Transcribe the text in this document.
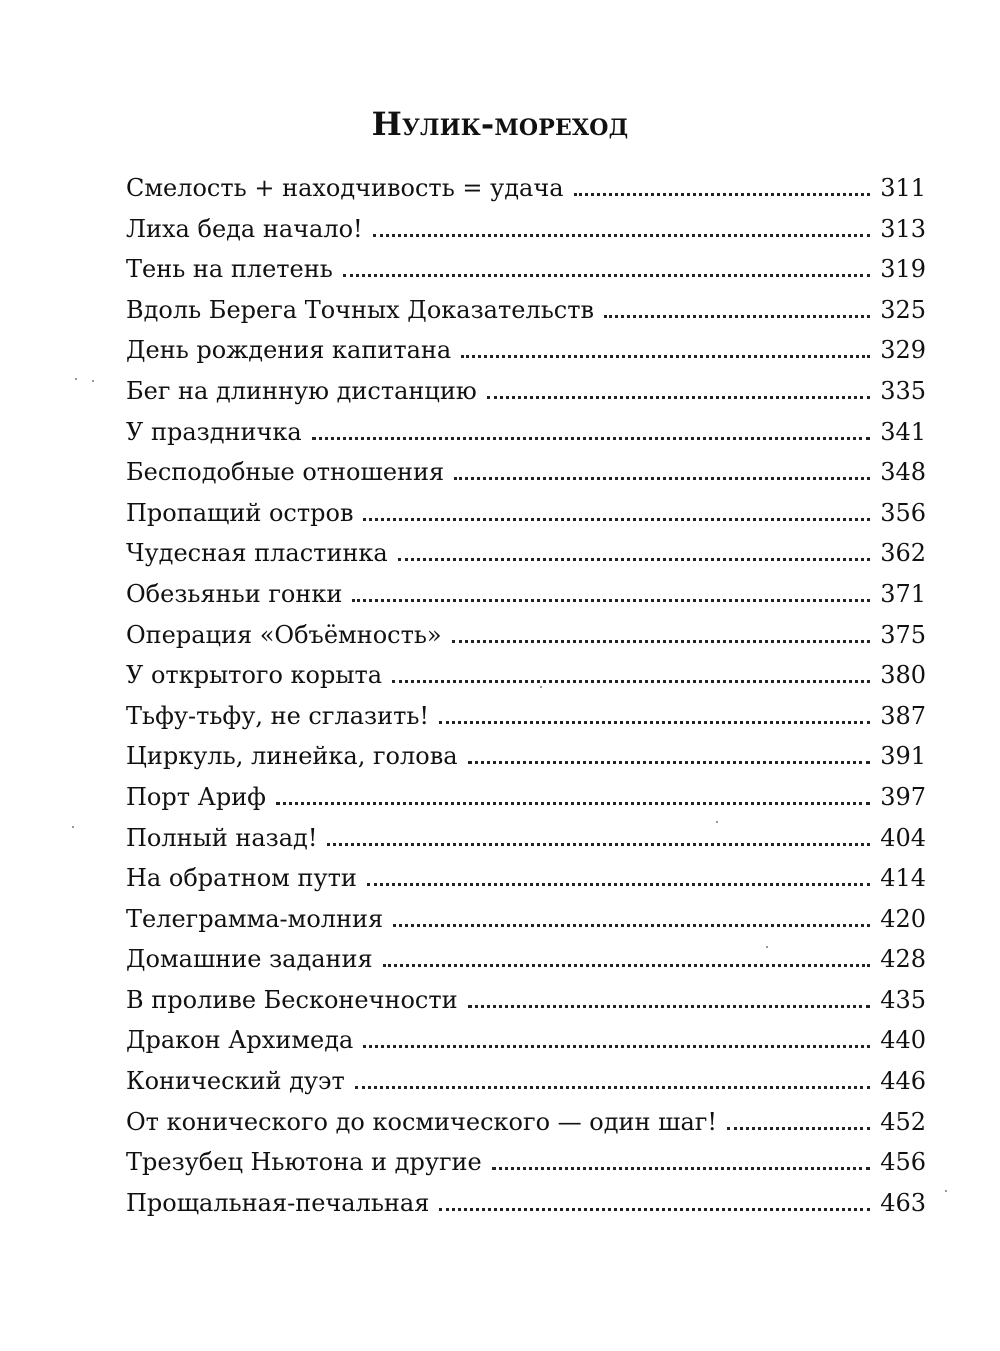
Нулик-мореход
Смелость + находчивость = удача	311
Лиха беда начало!	313
Тень на плетень	319
Вдоль Берега Точных Доказательств	325
День рождения капитана	329
Бег на длинную дистанцию	335
У праздничка	341
Бесподобные отношения	348
Пропащий остров	356
Чудесная пластинка	362
Обезьяньи гонки	371
Операция «Объёмность»	375
У открытого корыта	380
Тьфу-тьфу, не сглазить!	387
Циркуль, линейка, голова	391
Порт Ариф	397
Полный назад!	404
На обратном пути	414
Телеграмма-молния	420
Домашние задания	428
В проливе Бесконечности	435
Дракон Архимеда	440
Конический дуэт	446
От конического до космического — один шаг!	452
Трезубец Ньютона и другие	456
Прощальная-печальная	463
